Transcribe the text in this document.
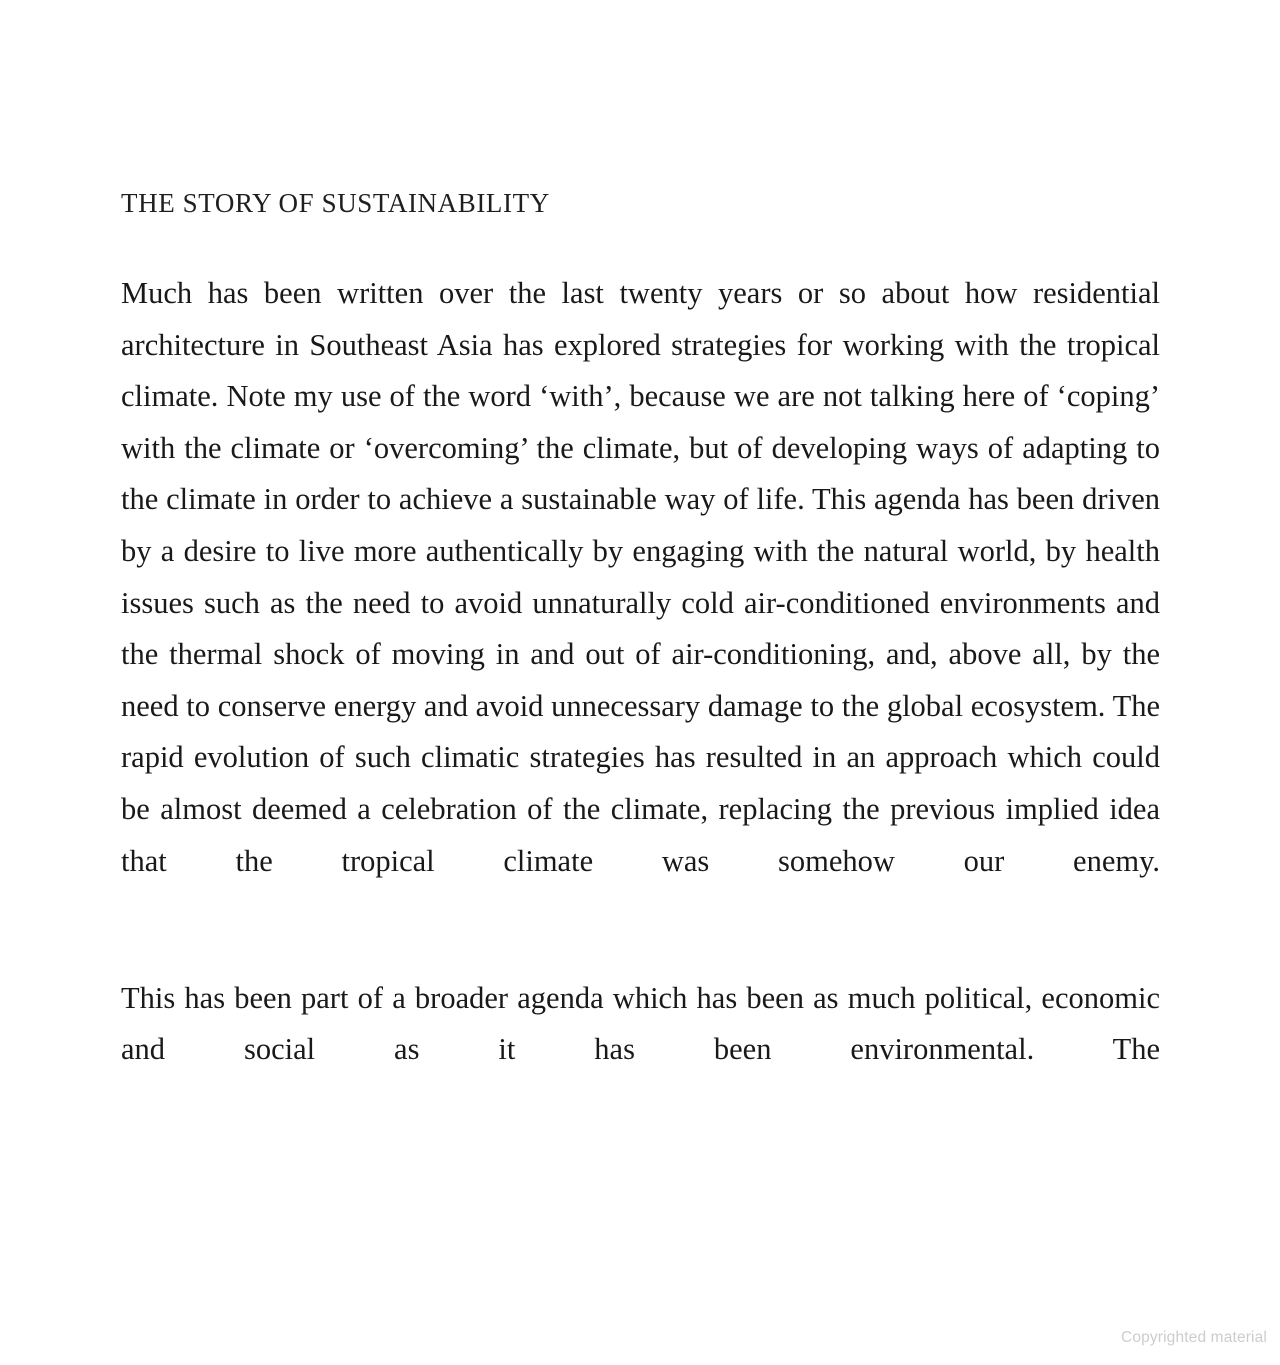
THE STORY OF SUSTAINABILITY

Much has been written over the last twenty years or so about how residential architecture in Southeast Asia has explored strategies for working with the tropical climate. Note my use of the word ‘with’, because we are not talking here of ‘coping’ with the climate or ‘overcoming’ the climate, but of developing ways of adapting to the climate in order to achieve a sustainable way of life. This agenda has been driven by a desire to live more authentically by engaging with the natural world, by health issues such as the need to avoid unnaturally cold air-conditioned environments and the thermal shock of moving in and out of air-conditioning, and, above all, by the need to conserve energy and avoid unnecessary damage to the global ecosystem. The rapid evolution of such climatic strategies has resulted in an approach which could be almost deemed a celebration of the climate, replacing the previous implied idea that the tropical climate was somehow our enemy.

This has been part of a broader agenda which has been as much political, economic and social as it has been environmental. The

Copyrighted material
